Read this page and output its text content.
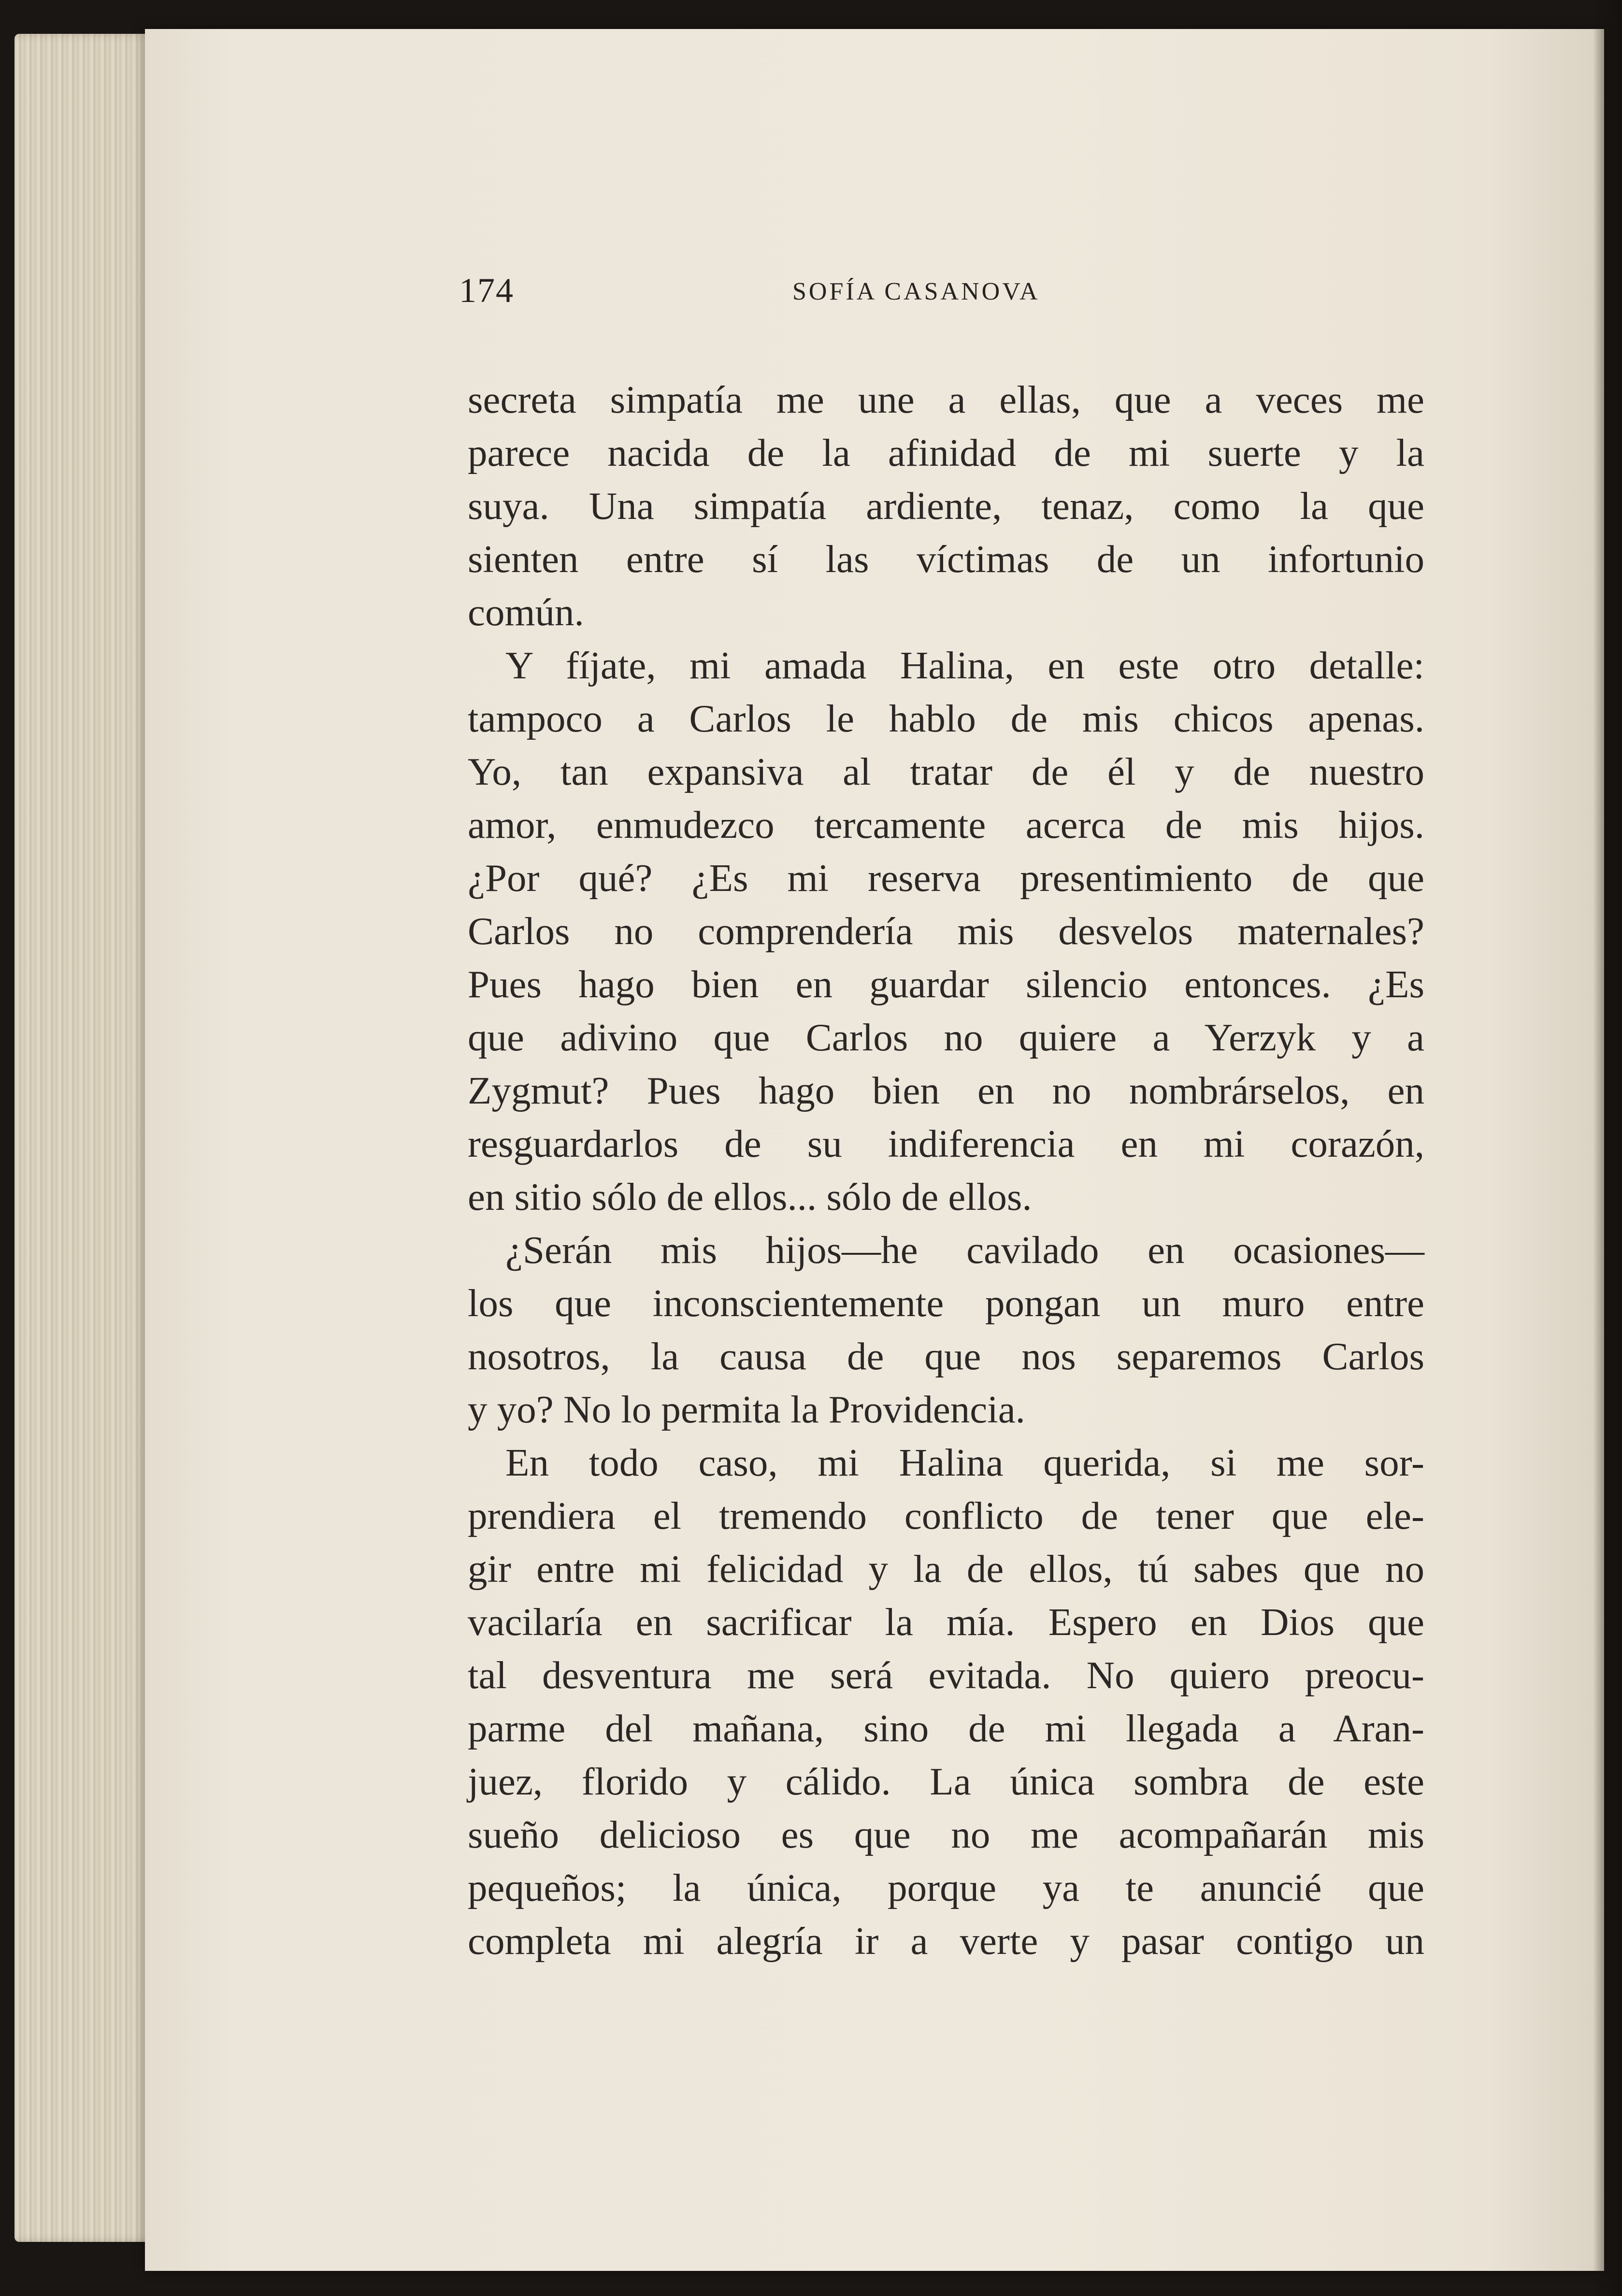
174	SOFÍA CASANOVA
secreta simpatía me une a ellas, que a veces me
parece nacida de la afinidad de mi suerte y la
suya. Una simpatía ardiente, tenaz, como la que
sienten entre sí las víctimas de un infortunio
común.
Y fíjate, mi amada Halina, en este otro detalle:
tampoco a Carlos le hablo de mis chicos apenas.
Yo, tan expansiva al tratar de él y de nuestro
amor, enmudezco tercamente acerca de mis hijos.
¿Por qué? ¿Es mi reserva presentimiento de que
Carlos no comprendería mis desvelos maternales?
Pues hago bien en guardar silencio entonces. ¿Es
que adivino que Carlos no quiere a Yerzyk y a
Zygmut? Pues hago bien en no nombrárselos, en
resguardarlos de su indiferencia en mi corazón,
en sitio sólo de ellos... sólo de ellos.
¿Serán mis hijos—he cavilado en ocasiones—
los que inconscientemente pongan un muro entre
nosotros, la causa de que nos separemos Carlos
y yo? No lo permita la Providencia.
En todo caso, mi Halina querida, si me sor-
prendiera el tremendo conflicto de tener que ele-
gir entre mi felicidad y la de ellos, tú sabes que no
vacilaría en sacrificar la mía. Espero en Dios que
tal desventura me será evitada. No quiero preocu-
parme del mañana, sino de mi llegada a Aran-
juez, florido y cálido. La única sombra de este
sueño delicioso es que no me acompañarán mis
pequeños; la única, porque ya te anuncié que
completa mi alegría ir a verte y pasar contigo un
